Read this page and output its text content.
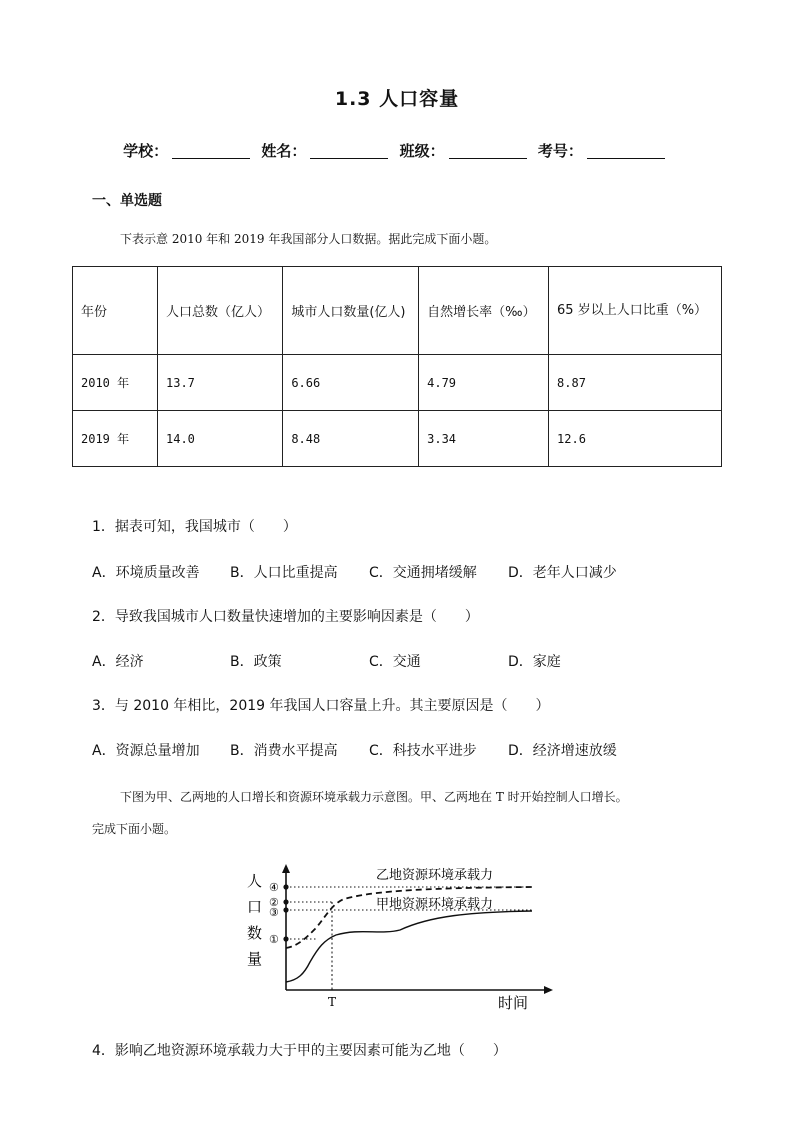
1.3 人口容量
学校：	姓名：	班级：	考号：
一、单选题
下表示意 2010 年和 2019 年我国部分人口数据。据此完成下面小题。
年份	人口总数（亿人）	城市人口数量(亿人)	自然增长率（‰）	65 岁以上人口比重（%）
2010 年	13.7	6.66	4.79	8.87
2019 年	14.0	8.48	3.34	12.6
1．据表可知，我国城市（　　）
A．环境质量改善 B．人口比重提高 C．交通拥堵缓解 D．老年人口减少
2．导致我国城市人口数量快速增加的主要影响因素是（　　）
A．经济	B．政策	C．交通	D．家庭
3．与 2010 年相比，2019 年我国人口容量上升。其主要原因是（　　）
A．资源总量增加 B．消费水平提高 C．科技水平进步 D．经济增速放缓
下图为甲、乙两地的人口增长和资源环境承载力示意图。甲、乙两地在 T 时开始控制人口增长。
完成下面小题。
人
口
数
量
④
②
③
①
乙地资源环境承载力
甲地资源环境承载力
T	时间
4．影响乙地资源环境承载力大于甲的主要因素可能为乙地（　　）
